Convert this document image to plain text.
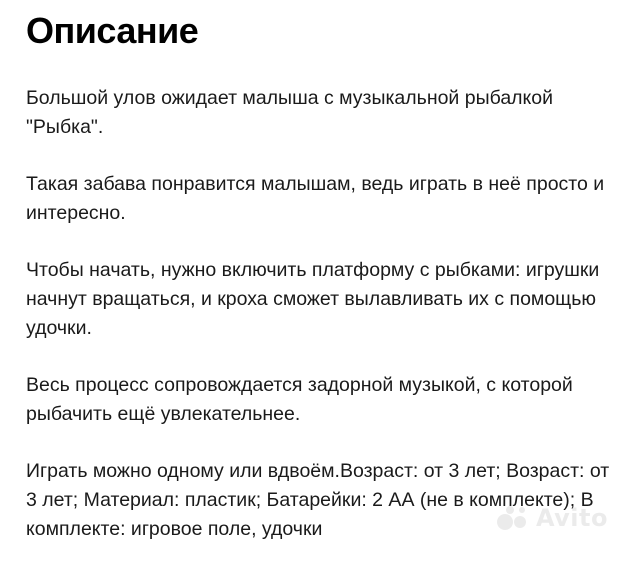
Описание

Большой улов ожидает малыша с музыкальной рыбалкой "Рыбка".

Такая забава понравится малышам, ведь играть в неё просто и интересно.

Чтобы начать, нужно включить платформу с рыбками: игрушки начнут вращаться, и кроха сможет вылавливать их с помощью удочки.

Весь процесс сопровождается задорной музыкой, с которой рыбачить ещё увлекательнее.

Играть можно одному или вдвоём.Возраст: от 3 лет; Возраст: от 3 лет; Материал: пластик; Батарейки: 2 АА (не в комплекте); В комплекте: игровое поле, удочки	Avito
